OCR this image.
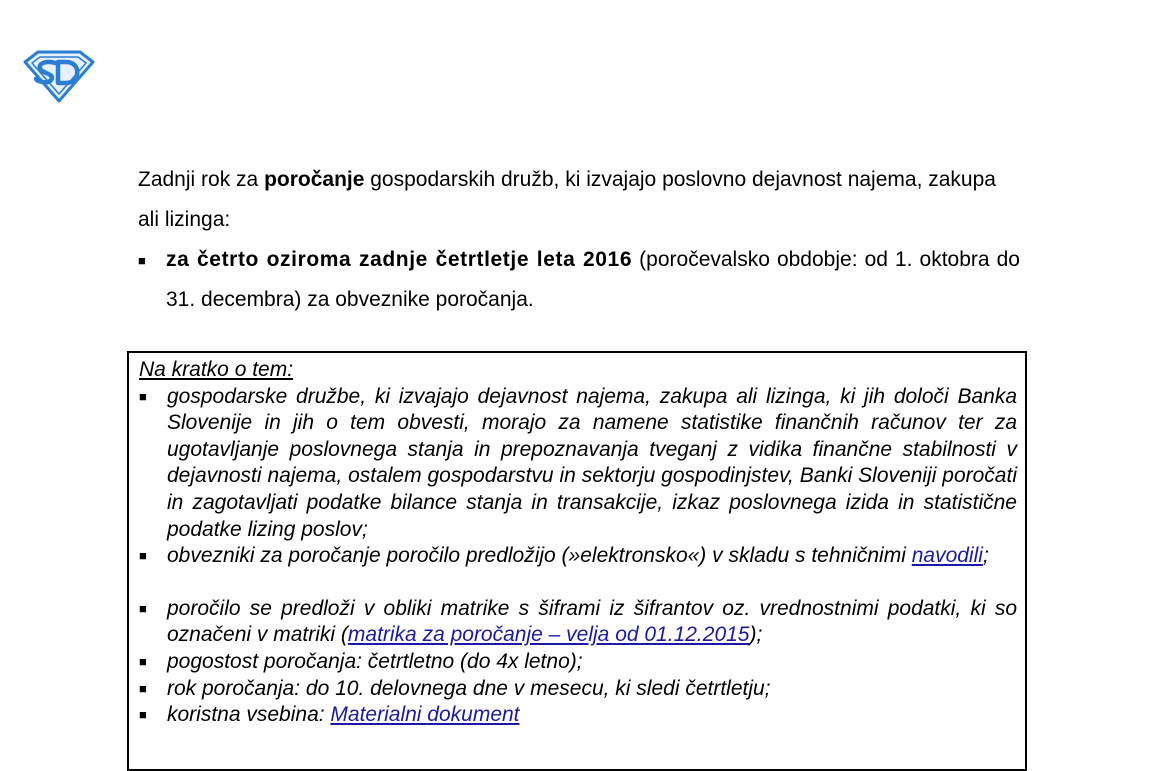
Zadnji rok za poročanje gospodarskih družb, ki izvajajo poslovno dejavnost najema, zakupa ali lizinga:

■ za četrto oziroma zadnje četrtletje leta 2016 (poročevalsko obdobje: od 1. oktobra do 31. decembra) za obveznike poročanja.

Na kratko o tem:

■ gospodarske družbe, ki izvajajo dejavnost najema, zakupa ali lizinga, ki jih določi Banka Slovenije in jih o tem obvesti, morajo za namene statistike finančnih računov ter za ugotavljanje poslovnega stanja in prepoznavanja tveganj z vidika finančne stabilnosti v dejavnosti najema, ostalem gospodarstvu in sektorju gospodinjstev, Banki Sloveniji poročati in zagotavljati podatke bilance stanja in transakcije, izkaz poslovnega izida in statistične podatke lizing poslov;
■ obvezniki za poročanje poročilo predložijo (»elektronsko«) v skladu s tehničnimi navodili;
■ poročilo se predloži v obliki matrike s šiframi iz šifrantov oz. vrednostnimi podatki, ki so označeni v matriki (matrika za poročanje – velja od 01.12.2015);
■ pogostost poročanja: četrtletno (do 4x letno);
■ rok poročanja: do 10. delovnega dne v mesecu, ki sledi četrtletju;
■ koristna vsebina: Materialni dokument
